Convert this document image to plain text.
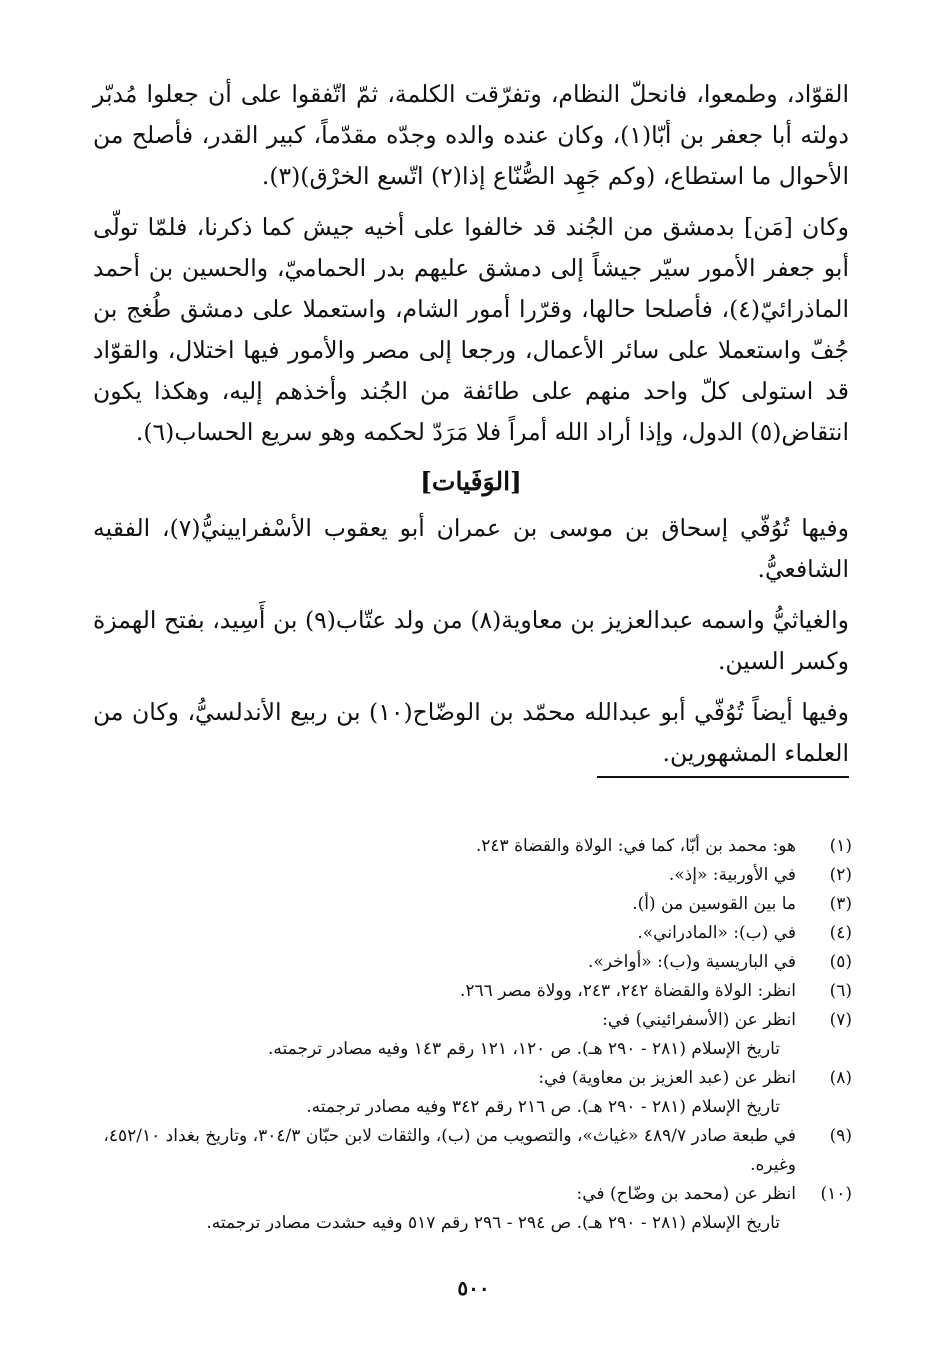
القوّاد، وطمعوا، فانحلّ النظام، وتفرّقت الكلمة، ثمّ اتّفقوا على أن جعلوا مُدبّر دولته أبا جعفر بن أبّا(١)، وكان عنده والده وجدّه مقدّماً، كبير القدر، فأصلح من الأحوال ما استطاع، (وكم جَهِد الصُّنّاع إذا(٢) اتّسع الخرْق)(٣).

وكان [مَن] بدمشق من الجُند قد خالفوا على أخيه جيش كما ذكرنا، فلمّا تولّى أبو جعفر الأمور سيّر جيشاً إلى دمشق عليهم بدر الحماميّ، والحسين بن أحمد الماذرائيّ(٤)، فأصلحا حالها، وقرّرا أمور الشام، واستعملا على دمشق طُغج بن جُفّ واستعملا على سائر الأعمال، ورجعا إلى مصر والأمور فيها اختلال، والقوّاد قد استولى كلّ واحد منهم على طائفة من الجُند وأخذهم إليه، وهكذا يكون انتقاض(٥) الدول، وإذا أراد الله أمراً فلا مَرَدّ لحكمه وهو سريع الحساب(٦).

[الوَفَيات]

وفيها تُوُفّي إسحاق بن موسى بن عمران أبو يعقوب الأسْفرايينيُّ(٧)، الفقيه الشافعيُّ.

والغياثيُّ واسمه عبدالعزيز بن معاوية(٨) من ولد عتّاب(٩) بن أَسِيد، بفتح الهمزة وكسر السين.

وفيها أيضاً تُوُفّي أبو عبدالله محمّد بن الوضّاح(١٠) بن ربيع الأندلسيُّ، وكان من العلماء المشهورين.

(١)
هو: محمد بن أبّا، كما في: الولاة والقضاة ٢٤٣.
(٢)
في الأوربية: «إذ».
(٣)
ما بين القوسين من (أ).
(٤)
في (ب): «المادراني».
(٥)
في الباريسية و(ب): «أواخر».
(٦)
انظر: الولاة والقضاة ٢٤٢، ٢٤٣، وولاة مصر ٢٦٦.
(٧)
انظر عن (الأسفرائيني) في:
تاريخ الإسلام (٢٨١ - ٢٩٠ هـ). ص ١٢٠، ١٢١ رقم ١٤٣ وفيه مصادر ترجمته.
(٨)
انظر عن (عبد العزيز بن معاوية) في:
تاريخ الإسلام (٢٨١ - ٢٩٠ هـ). ص ٢١٦ رقم ٣٤٢ وفيه مصادر ترجمته.
(٩)
في طبعة صادر ٤٨٩/٧ «غياث»، والتصويب من (ب)، والثقات لابن حبّان ٣٠٤/٣، وتاريخ بغداد ٤٥٢/١٠، وغيره.
(١٠)
انظر عن (محمد بن وضّاح) في:
تاريخ الإسلام (٢٨١ - ٢٩٠ هـ). ص ٢٩٤ - ٢٩٦ رقم ٥١٧ وفيه حشدت مصادر ترجمته.
٥٠٠
